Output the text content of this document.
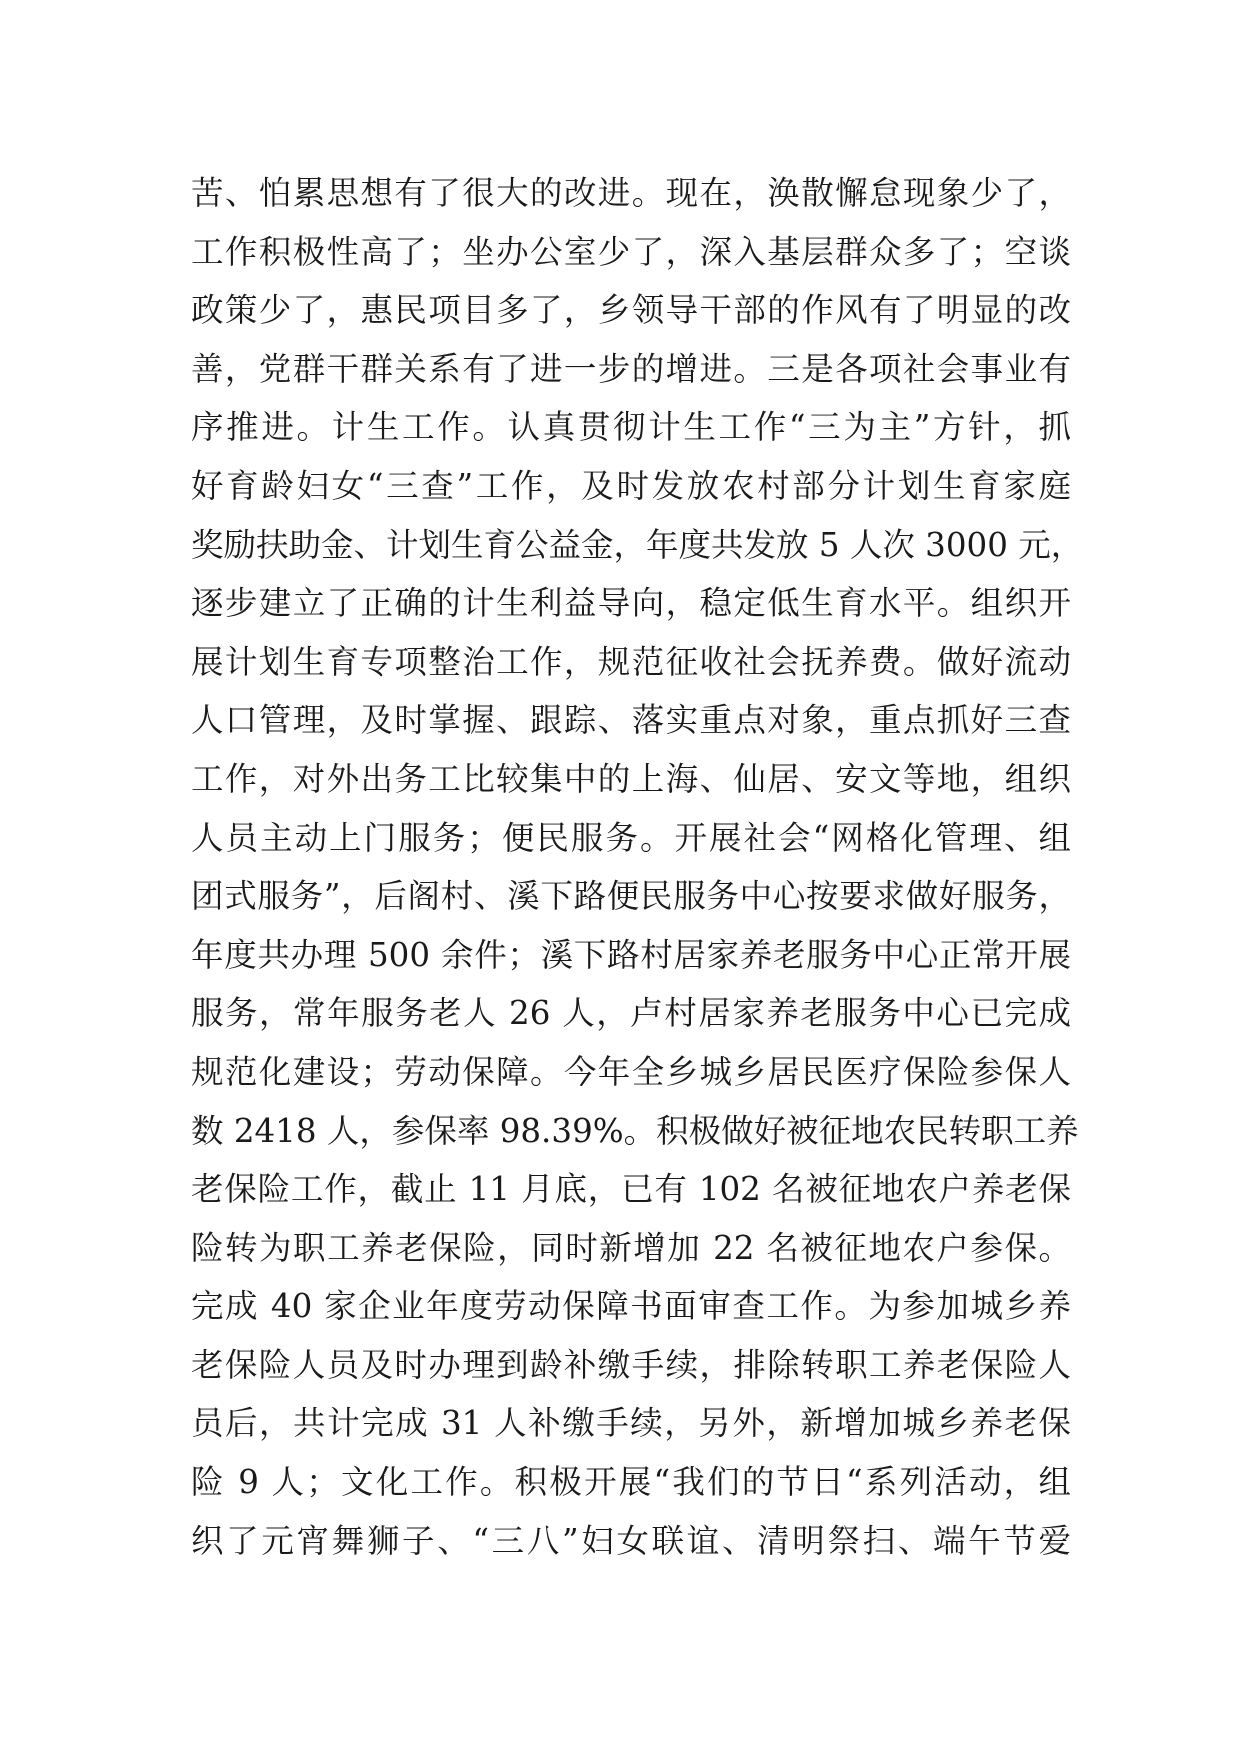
苦、怕累思想有了很大的改进。现在，涣散懈怠现象少了，
工作积极性高了；坐办公室少了，深入基层群众多了；空谈
政策少了，惠民项目多了，乡领导干部的作风有了明显的改
善，党群干群关系有了进一步的增进。三是各项社会事业有
序推进。计生工作。认真贯彻计生工作“三为主”方针，抓
好育龄妇女“三查”工作，及时发放农村部分计划生育家庭
奖励扶助金、计划生育公益金，年度共发放 5 人次 3000 元，
逐步建立了正确的计生利益导向，稳定低生育水平。组织开
展计划生育专项整治工作，规范征收社会抚养费。做好流动
人口管理，及时掌握、跟踪、落实重点对象，重点抓好三查
工作，对外出务工比较集中的上海、仙居、安文等地，组织
人员主动上门服务；便民服务。开展社会“网格化管理、组
团式服务”，后阁村、溪下路便民服务中心按要求做好服务，
年度共办理 500 余件；溪下路村居家养老服务中心正常开展
服务，常年服务老人 26 人，卢村居家养老服务中心已完成
规范化建设；劳动保障。今年全乡城乡居民医疗保险参保人
数 2418 人，参保率 98.39%。积极做好被征地农民转职工养
老保险工作，截止 11 月底，已有 102 名被征地农户养老保
险转为职工养老保险，同时新增加 22 名被征地农户参保。
完成 40 家企业年度劳动保障书面审查工作。为参加城乡养
老保险人员及时办理到龄补缴手续，排除转职工养老保险人
员后，共计完成 31 人补缴手续，另外，新增加城乡养老保
险 9 人；文化工作。积极开展“我们的节日“系列活动，组
织了元宵舞狮子、“三八”妇女联谊、清明祭扫、端午节爱
